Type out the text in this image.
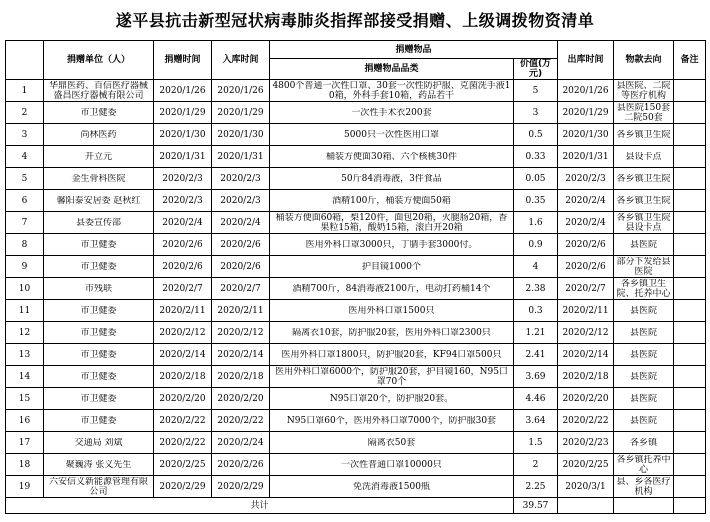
遂平县抗击新型冠状病毒肺炎指挥部接受捐赠、上级调拨物资清单
	捐赠单位（人）	捐赠时间	入库时间	捐赠物品		出库时间	物款去向	备注
				捐赠物品品类	价值(万元)			
1	华鼎医药、百信医疗器械盛昌医疗器械有限公司	2020/1/26	2020/1/26	4800个普通一次性口罩、30套一次性防护服、克菌洗手液10箱，外科手套10箱，药品若干	5	2020/1/26	县医院、二院等医疗机构	

2	市卫健委	2020/1/29	2020/1/29	一次性手术衣200套	3	2020/1/29	县医院150套 二院50套	

3	尚林医药	2020/1/30	2020/1/30	5000只一次性医用口罩	0.5	2020/1/30	各乡镇卫生院	

4	开立元	2020/1/31	2020/1/31	桶装方便面30箱、六个核桃30件	0.33	2020/1/31	县设卡点	

5	金生骨科医院	2020/2/3	2020/2/3	50斤84消毒液，3件食品	0.05	2020/2/3	各乡镇卫生院	

6	馨阳泰安居委 赵秋红	2020/2/3	2020/2/3	酒精100斤，桶装方便面50箱	0.35	2020/2/4	各乡镇卫生院	

7	县委宣传部	2020/2/4	2020/2/4	桶装方便面60箱，梨120件，面包20箱，火腿肠20箱，香果粒15箱，酸奶15箱，滚白开20箱	1.6	2020/2/4	各乡镇卫生院 县设卡点	

8	市卫健委	2020/2/6	2020/2/6	医用外科口罩3000只，丁腈手套3000付。	0.9	2020/2/6	县医院	

9	市卫健委	2020/2/6	2020/2/6	护目镜1000个	4	2020/2/6	部分下发给县医院	

10	市残联	2020/2/7	2020/2/7	酒精700斤，84消毒液2100斤，电动打药桶14个	2.38	2020/2/7	各乡镇卫生院、托养中心	

11	市卫健委	2020/2/11	2020/2/11	医用外科口罩1500只	0.3	2020/2/11	县医院	

12	市卫健委	2020/2/12	2020/2/12	隔离衣10套，防护服20套，医用外科口罩2300只	1.21	2020/2/12	县医院	

13	市卫健委	2020/2/14	2020/2/14	医用外科口罩1800只，防护服20套，KF94口罩500只	2.41	2020/2/14	县医院	

14	市卫健委	2020/2/18	2020/2/18	医用外科口罩6000个，防护服20套，护目镜160，N95口罩70个	3.69	2020/2/18	县医院	

15	市卫健委	2020/2/20	2020/2/20	N95口罩20个，防护服20套。	4.46	2020/2/20	县医院	

16	市卫健委	2020/2/22	2020/2/22	N95口罩60个，医用外科口罩7000个，防护服30套	3.64	2020/2/22	县医院	

17	交通局 刘斌	2020/2/22	2020/2/24	隔离衣50套	1.5	2020/2/23	各乡镇	

18	聚巍涛 张义先生	2020/2/25	2020/2/26	一次性普通口罩10000只	2	2020/2/25	各乡镇托养中心	

19	六安信义新能源管理有限公司	2020/2/29	2020/2/29	免洗消毒液1500瓶	2.25	2020/3/1	县、乡各医疗机构	

共计					39.57			
